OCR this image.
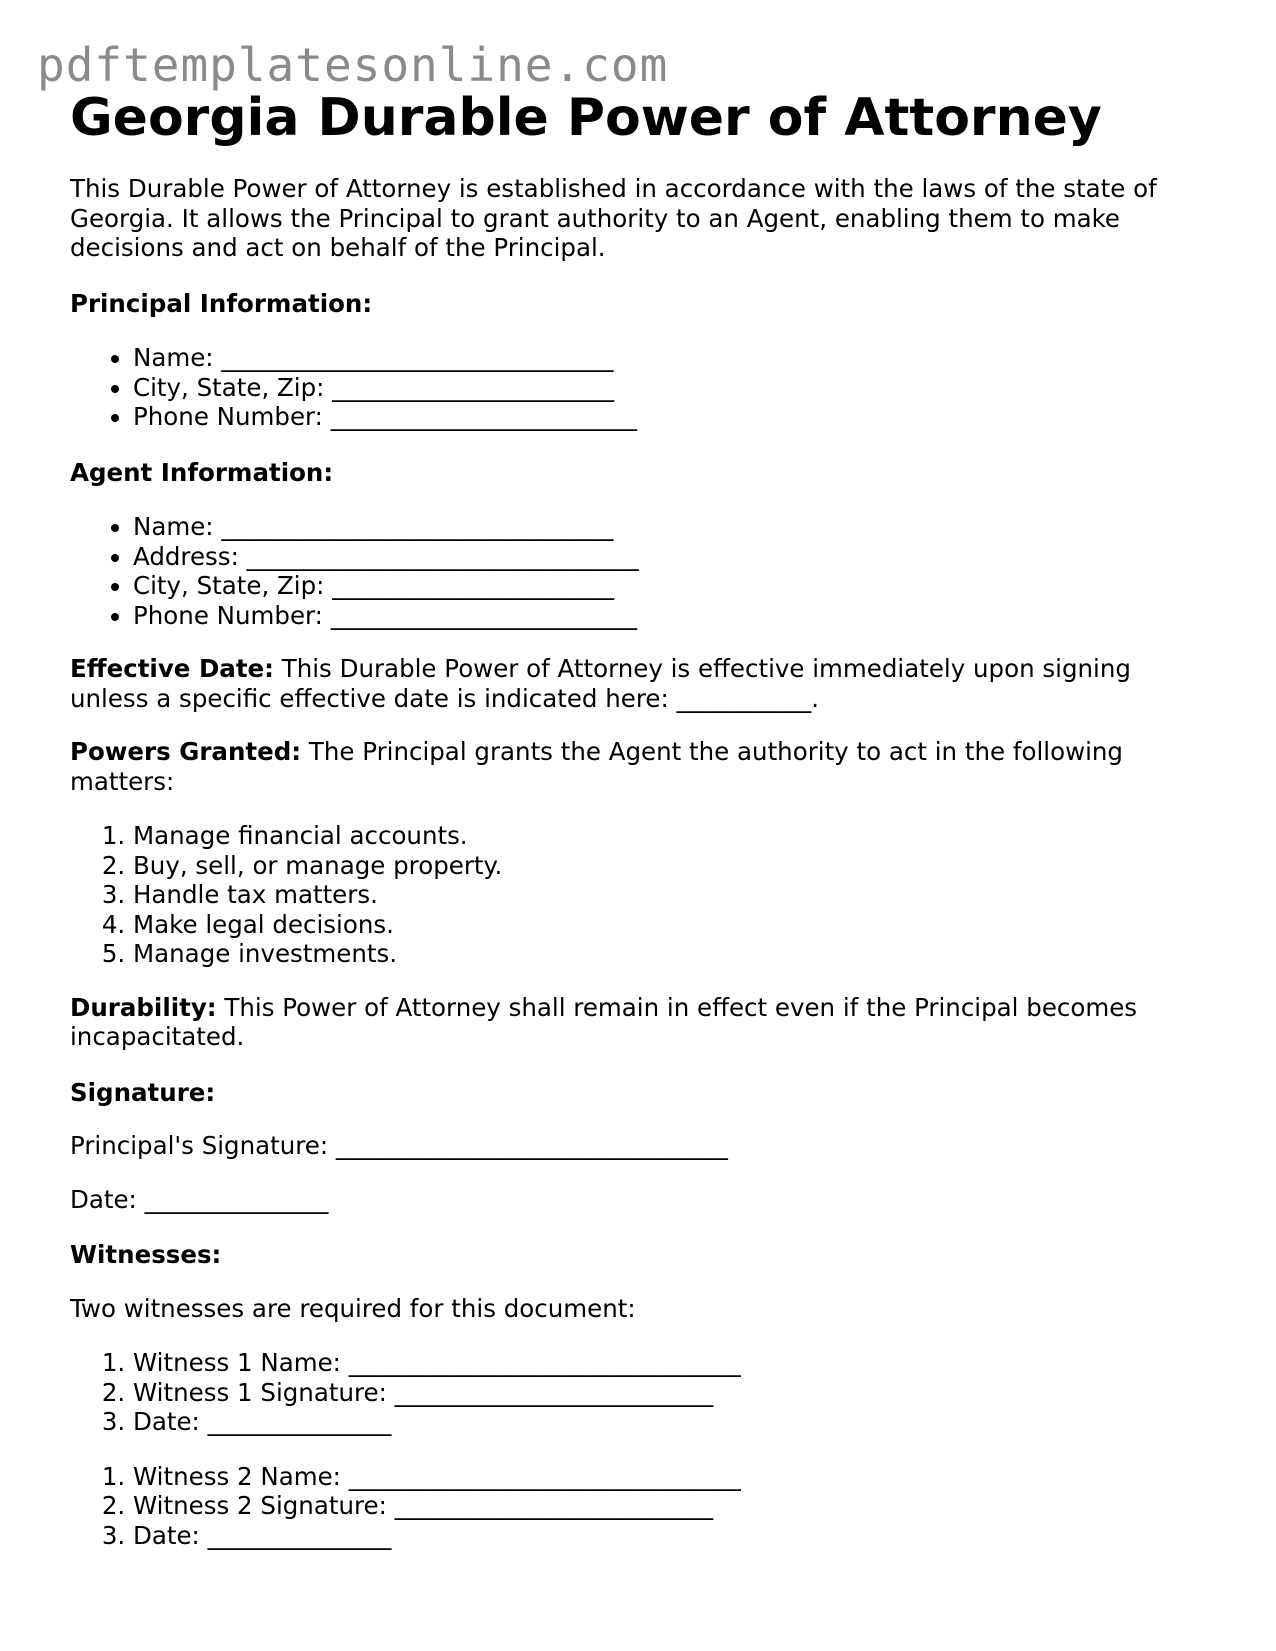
pdftemplatesonline.com
Georgia Durable Power of Attorney

This Durable Power of Attorney is established in accordance with the laws of the state of Georgia. It allows the Principal to grant authority to an Agent, enabling them to make decisions and act on behalf of the Principal.

Principal Information:

• Name: ________________________________
• City, State, Zip: _______________________
• Phone Number: _________________________

Agent Information:

• Name: ________________________________
• Address: ________________________________
• City, State, Zip: _______________________
• Phone Number: _________________________

Effective Date: This Durable Power of Attorney is effective immediately upon signing unless a specific effective date is indicated here: ___________.

Powers Granted: The Principal grants the Agent the authority to act in the following matters:

1. Manage financial accounts.
2. Buy, sell, or manage property.
3. Handle tax matters.
4. Make legal decisions.
5. Manage investments.

Durability: This Power of Attorney shall remain in effect even if the Principal becomes incapacitated.

Signature:

Principal's Signature: ________________________________

Date: _______________

Witnesses:

Two witnesses are required for this document:

1. Witness 1 Name: ________________________________
2. Witness 1 Signature: __________________________
3. Date: _______________
1. Witness 2 Name: ________________________________
2. Witness 2 Signature: __________________________
3. Date: _______________
